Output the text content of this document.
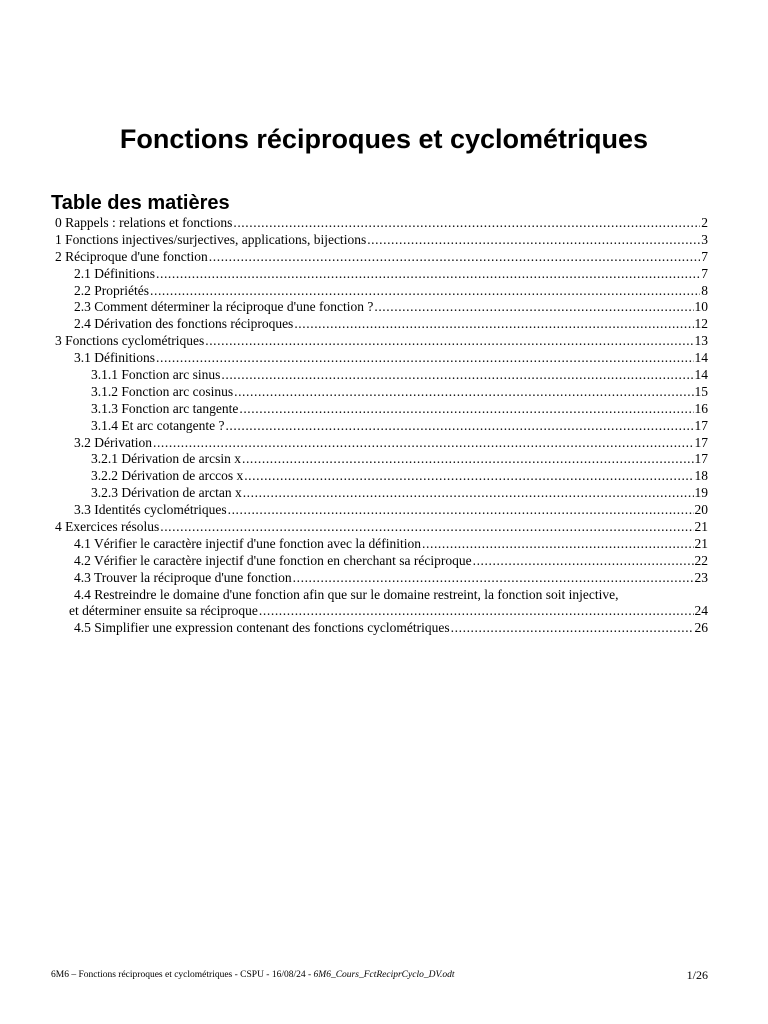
Fonctions réciproques et cyclométriques
Table des matières
0 Rappels : relations et fonctions .....	2
1 Fonctions injectives/surjectives, applications, bijections .....	3
2 Réciproque d'une fonction .....	7
2.1 Définitions .....	7
2.2 Propriétés .....	8
2.3 Comment déterminer la réciproque d'une fonction ? .....	10
2.4 Dérivation des fonctions réciproques .....	12
3 Fonctions cyclométriques .....	13
3.1 Définitions .....	14
3.1.1 Fonction arc sinus .....	14
3.1.2 Fonction arc cosinus .....	15
3.1.3 Fonction arc tangente .....	16
3.1.4 Et arc cotangente ? .....	17
3.2 Dérivation .....	17
3.2.1 Dérivation de arcsin x .....	17
3.2.2 Dérivation de arccos x .....	18
3.2.3 Dérivation de arctan x .....	19
3.3 Identités cyclométriques .....	20
4 Exercices résolus .....	21
4.1 Vérifier le caractère injectif d'une fonction avec la définition .....	21
4.2 Vérifier le caractère injectif d'une fonction en cherchant sa réciproque .....	22
4.3 Trouver la réciproque d'une fonction .....	23
4.4 Restreindre le domaine d'une fonction afin que sur le domaine restreint, la fonction soit injective,
et déterminer ensuite sa réciproque .....	24
4.5 Simplifier une expression contenant des fonctions cyclométriques .....	26
6M6 – Fonctions réciproques et cyclométriques - CSPU - 16/08/24 - 6M6_Cours_FctReciprCyclo_DV.odt	1/26
